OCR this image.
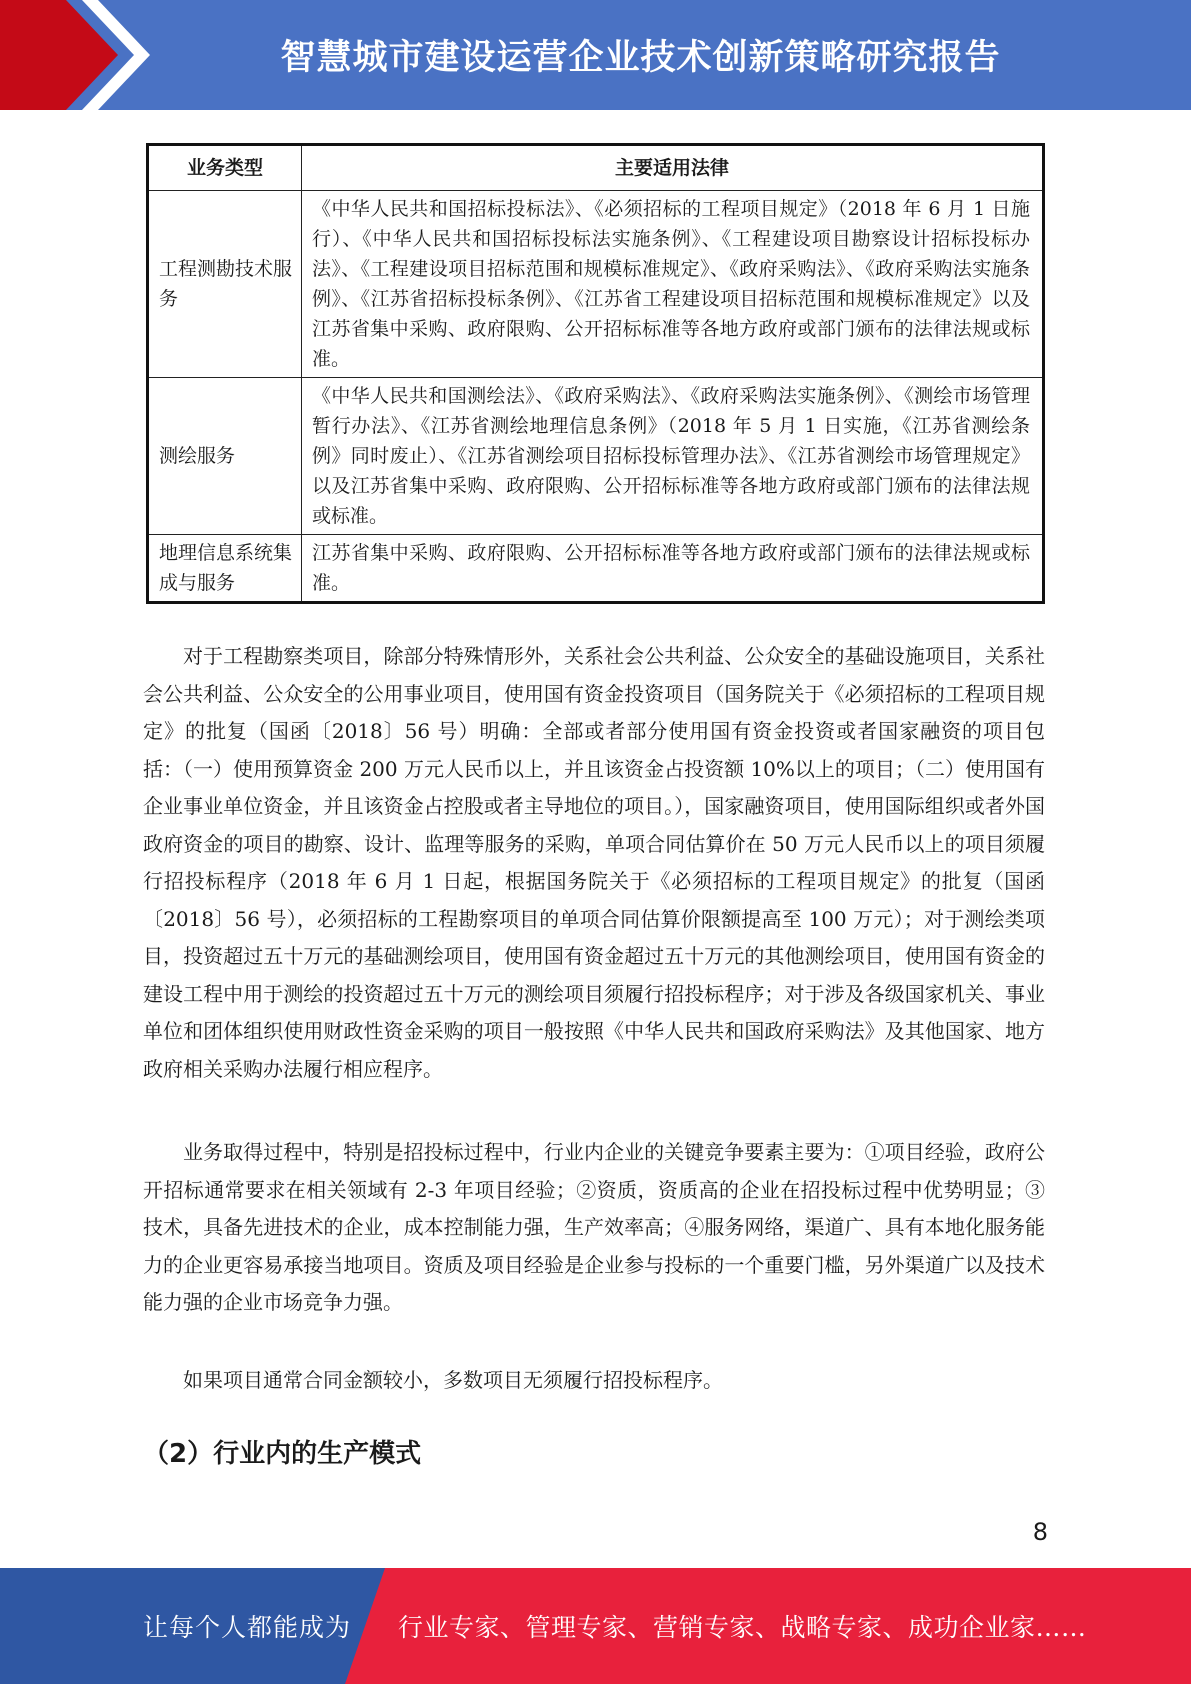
智慧城市建设运营企业技术创新策略研究报告
业务类型	主要适用法律
工程测勘技术服务	《中华人民共和国招标投标法》、《必须招标的工程项目规定》（2018 年 6 月 1 日施行）、《中华人民共和国招标投标法实施条例》、《工程建设项目勘察设计招标投标办法》、《工程建设项目招标范围和规模标准规定》、《政府采购法》、《政府采购法实施条例》、《江苏省招标投标条例》、《江苏省工程建设项目招标范围和规模标准规定》以及江苏省集中采购、政府限购、公开招标标准等各地方政府或部门颁布的法律法规或标准。
测绘服务	《中华人民共和国测绘法》、《政府采购法》、《政府采购法实施条例》、《测绘市场管理暂行办法》、《江苏省测绘地理信息条例》（2018 年 5 月 1 日实施，《江苏省测绘条例》同时废止）、《江苏省测绘项目招标投标管理办法》、《江苏省测绘市场管理规定》以及江苏省集中采购、政府限购、公开招标标准等各地方政府或部门颁布的法律法规或标准。
地理信息系统集成与服务	江苏省集中采购、政府限购、公开招标标准等各地方政府或部门颁布的法律法规或标准。

对于工程勘察类项目，除部分特殊情形外，关系社会公共利益、公众安全的基础设施项目，关系社会公共利益、公众安全的公用事业项目，使用国有资金投资项目（国务院关于《必须招标的工程项目规定》的批复（国函〔2018〕56 号）明确：全部或者部分使用国有资金投资或者国家融资的项目包括：（一）使用预算资金 200 万元人民币以上，并且该资金占投资额 10%以上的项目；（二）使用国有企业事业单位资金，并且该资金占控股或者主导地位的项目。），国家融资项目，使用国际组织或者外国政府资金的项目的勘察、设计、监理等服务的采购，单项合同估算价在 50 万元人民币以上的项目须履行招投标程序（2018 年 6 月 1 日起，根据国务院关于《必须招标的工程项目规定》的批复（国函〔2018〕56 号），必须招标的工程勘察项目的单项合同估算价限额提高至 100 万元）；对于测绘类项目，投资超过五十万元的基础测绘项目，使用国有资金超过五十万元的其他测绘项目，使用国有资金的建设工程中用于测绘的投资超过五十万元的测绘项目须履行招投标程序；对于涉及各级国家机关、事业单位和团体组织使用财政性资金采购的项目一般按照《中华人民共和国政府采购法》及其他国家、地方政府相关采购办法履行相应程序。

业务取得过程中，特别是招投标过程中，行业内企业的关键竞争要素主要为：①项目经验，政府公开招标通常要求在相关领域有 2-3 年项目经验；②资质，资质高的企业在招投标过程中优势明显；③技术，具备先进技术的企业，成本控制能力强，生产效率高；④服务网络，渠道广、具有本地化服务能力的企业更容易承接当地项目。资质及项目经验是企业参与投标的一个重要门槛，另外渠道广以及技术能力强的企业市场竞争力强。

如果项目通常合同金额较小，多数项目无须履行招投标程序。

（2）行业内的生产模式
8
让每个人都能成为 行业专家、管理专家、营销专家、战略专家、成功企业家……
